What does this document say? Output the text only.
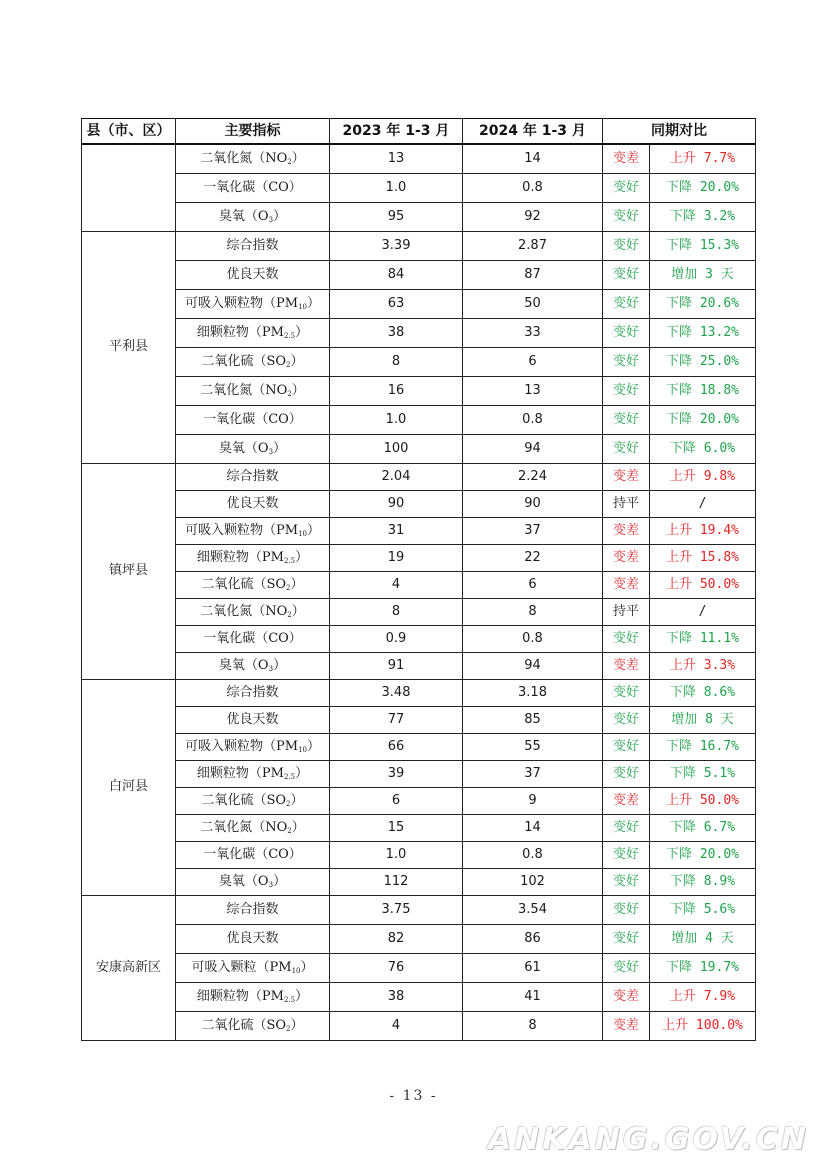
县（市、区）	主要指标	2023 年 1-3 月	2024 年 1-3 月	同期对比	
	二氧化氮$(NO_2)$	13	14	变差	上升 7.7%
	一氧化碳（CO）	1.0	0.8	变好	下降 20.0%
	臭氧$(O_3)$	95	92	变好	下降 3.2%
平利县	综合指数	3.39	2.87	变好	下降 15.3%
	优良天数	84	87	变好	增加 3 天
	可吸入颗粒物$(PM_{10})$	63	50	变好	下降 20.6%
	细颗粒物$(PM_{2.5})$	38	33	变好	下降 13.2%
	二氧化硫$(SO_2)$	8	6	变好	下降 25.0%
	二氧化氮$(NO_2)$	16	13	变好	下降 18.8%
	一氧化碳（CO）	1.0	0.8	变好	下降 20.0%
	臭氧$(O_3)$	100	94	变好	下降 6.0%
镇坪县	综合指数	2.04	2.24	变差	上升 9.8%
	优良天数	90	90	持平	/
	可吸入颗粒物$(PM_{10})$	31	37	变差	上升 19.4%
	细颗粒物$(PM_{2.5})$	19	22	变差	上升 15.8%
	二氧化硫$(SO_2)$	4	6	变差	上升 50.0%
	二氧化氮$(NO_2)$	8	8	持平	/
	一氧化碳（CO）	0.9	0.8	变好	下降 11.1%
	臭氧$(O_3)$	91	94	变差	上升 3.3%
白河县	综合指数	3.48	3.18	变好	下降 8.6%
	优良天数	77	85	变好	增加 8 天
	可吸入颗粒物$(PM_{10})$	66	55	变好	下降 16.7%
	细颗粒物$(PM_{2.5})$	39	37	变好	下降 5.1%
	二氧化硫$(SO_2)$	6	9	变差	上升 50.0%
	二氧化氮$(NO_2)$	15	14	变好	下降 6.7%
	一氧化碳（CO）	1.0	0.8	变好	下降 20.0%
	臭氧$(O_3)$	112	102	变好	下降 8.9%
安康高新区	综合指数	3.75	3.54	变好	下降 5.6%
	优良天数	82	86	变好	增加 4 天
	可吸入颗粒$(PM_{10})$	76	61	变好	下降 19.7%
	细颗粒物$(PM_{2.5})$	38	41	变差	上升 7.9%
	二氧化硫$(SO_2)$	4	8	变差	上升 100.0%
- 13 -
ANKANG.GOV.CN
